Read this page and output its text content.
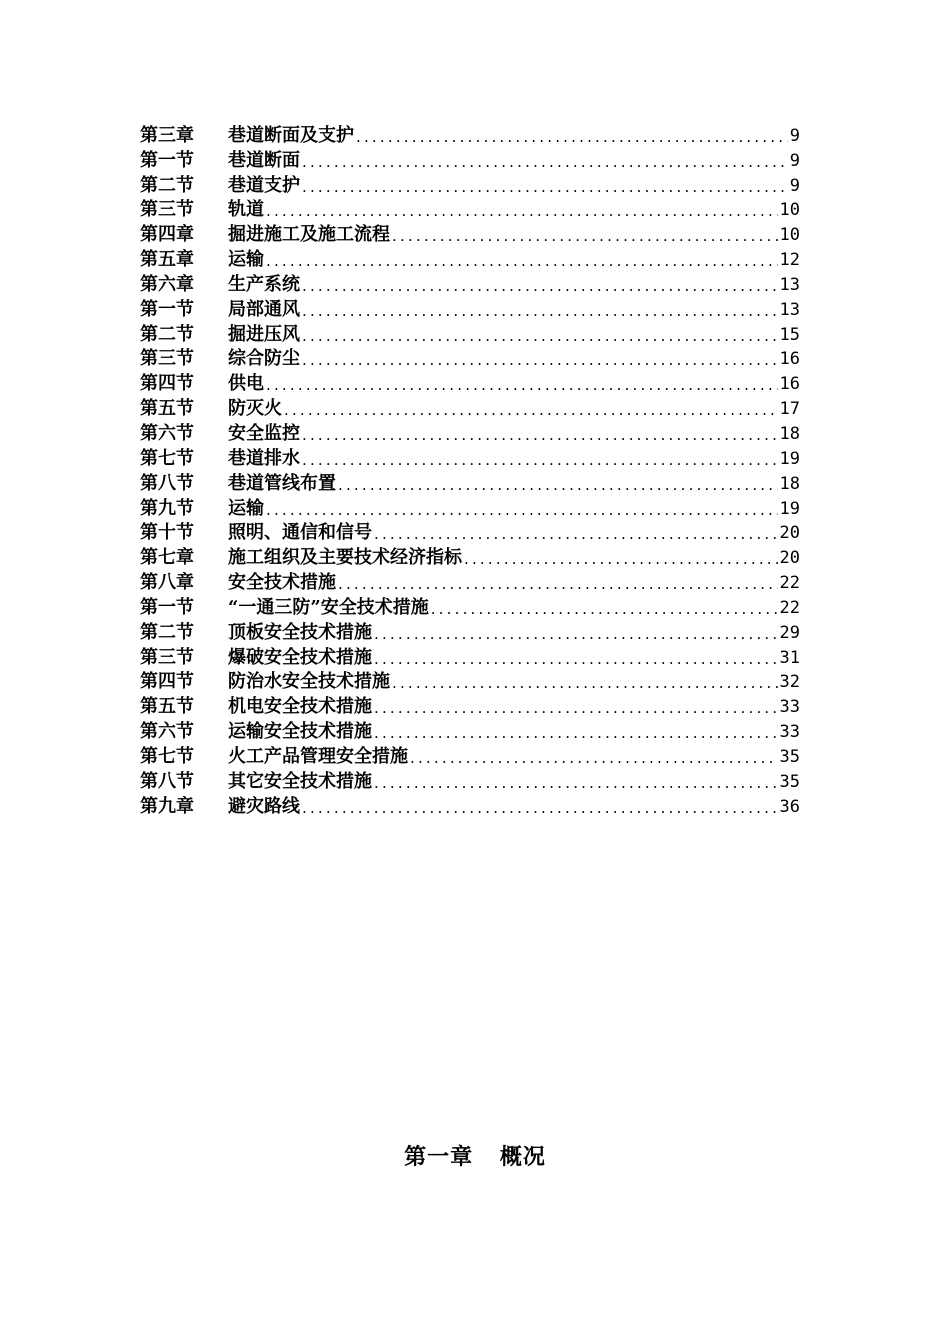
第三章	巷道断面及支护 .....	9
第一节	巷道断面 .....	9
第二节	巷道支护 .....	9
第三节	轨道 .....	10
第四章	掘进施工及施工流程 .....	10
第五章	运输 .....	12
第六章	生产系统 .....	13
第一节	局部通风 .....	13
第二节	掘进压风 .....	15
第三节	综合防尘 .....	16
第四节	供电 .....	16
第五节	防灭火 .....	17
第六节	安全监控 .....	18
第七节	巷道排水 .....	19
第八节	巷道管线布置 .....	18
第九节	运输 .....	19
第十节	照明、通信和信号 .....	20
第七章	施工组织及主要技术经济指标 .....	20
第八章	安全技术措施 .....	22
第一节	“一通三防”安全技术措施 .....	22
第二节	顶板安全技术措施 .....	29
第三节	爆破安全技术措施 .....	31
第四节	防治水安全技术措施 .....	32
第五节	机电安全技术措施 .....	33
第六节	运输安全技术措施 .....	33
第七节	火工产品管理安全措施 .....	35
第八节	其它安全技术措施 .....	35
第九章	避灾路线 .....	36
第一章 概况
